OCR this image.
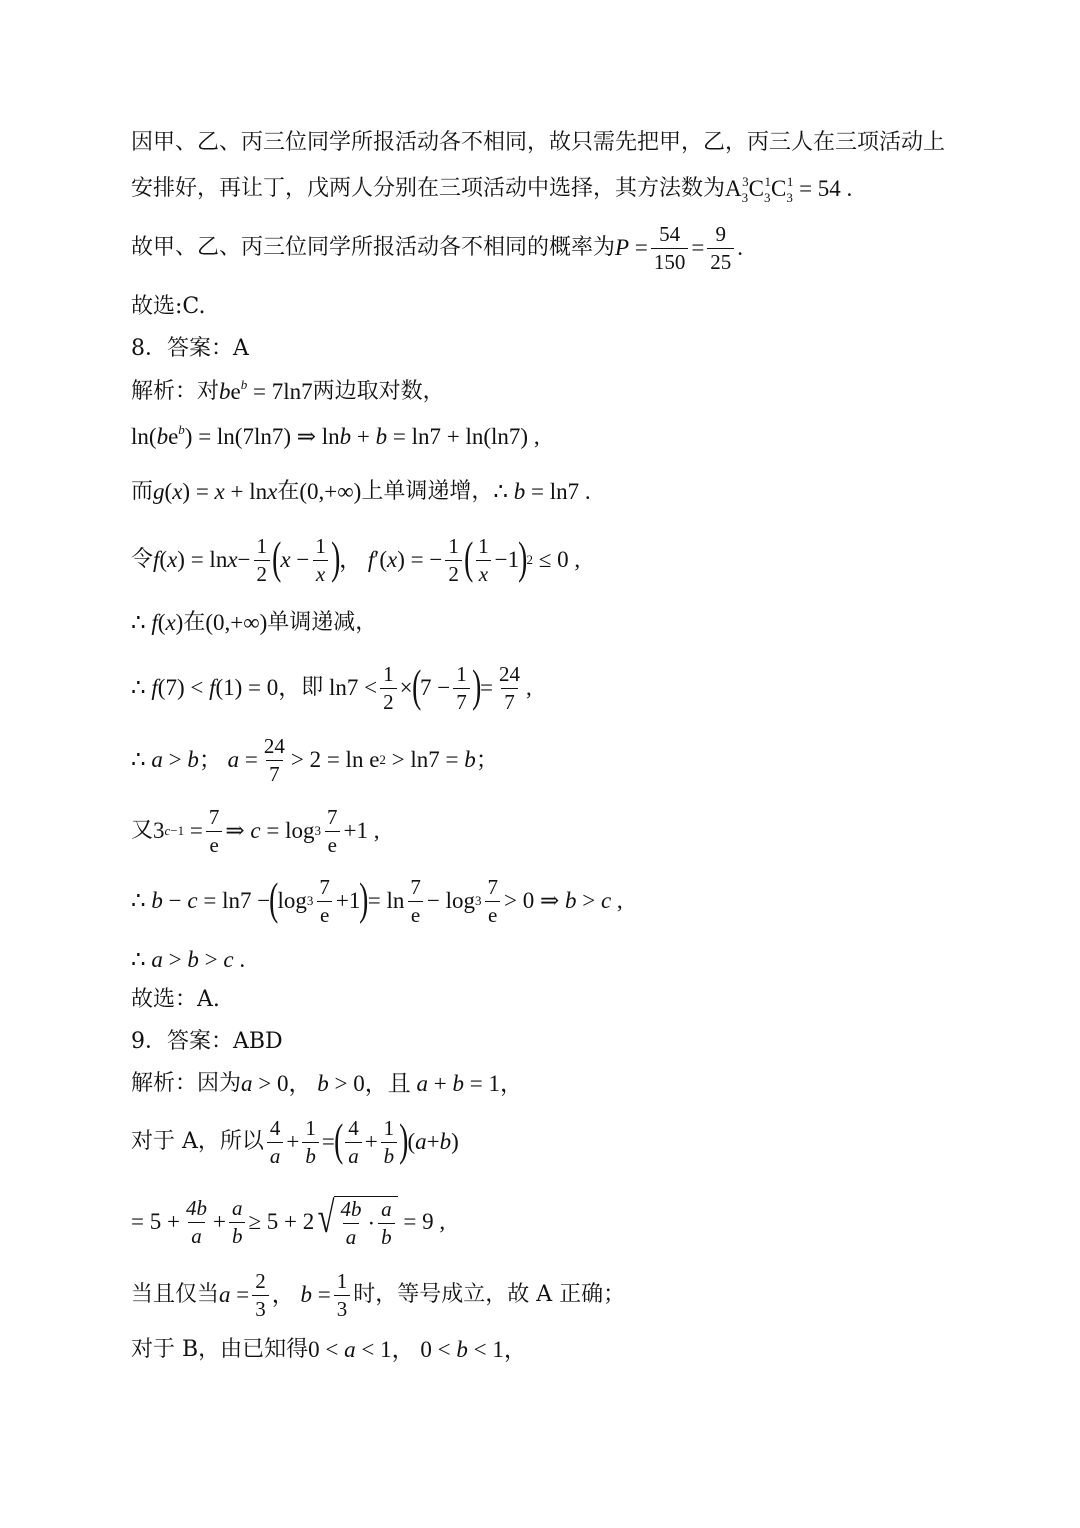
因甲、乙、丙三位同学所报活动各不相同，故只需先把甲，乙，丙三人在三项活动上
安排好，再让丁，戊两人分别在三项活动中选择，其方法数为 $A_3^3C_3^1C_3^1 = 54$ .
故甲、乙、丙三位同学所报活动各不相同的概率为 $P = \frac{54}{150} = \frac{9}{25}$ .
故选:C.
8．答案：A
解析：对 $be^b = 7\ln 7$ 两边取对数，
$\ln(be^b) = \ln(7\ln 7)$ ⇒ lnb + b = ln7 + ln(ln7) ,
而 g(x) = x + lnx 在 (0,+∞) 上单调递增， ∴ b = ln7 .
令 f ( x ) = $\ln x - \frac{1}{2}$ ( $x - \frac{1}{x}$ ) ， f ′( x ) = − $\frac{1}{2}$ ( $\frac{1}{x} -1$ ) 2 ≤ 0 ,
∴ f(x) 在 (0,+∞) 单调递减，
∴ f(7) < f(1) = 0， 即 $\ln 7 < \frac{1}{2}$ × ( $7 - \frac{1}{7}$ ) = $\frac{24}{7}$ ,
∴ a > b ； $a = \frac{24}{7} > 2 = \ln e$ 2 > ln7 = b ；
又 3 $c-1 = \frac{7}{e}$ ⇒ $c = \log 3 \frac{7}{e} +1$ ,
∴ b − c = ln7 − ( $\log 3 \frac{7}{e} +1$ ) = $\ln \frac{7}{e} - \log 3 \frac{7}{e} > 0$ ⇒ b > c ,
∴ a > b > c .
故选：A.
9．答案：ABD
解析：因为 a > 0， b > 0，且 a + b = 1，
对于 A，所以 $\frac{4}{a} + \frac{1}{b}$ = ( $\frac{4}{a} + \frac{1}{b}$ ) ( a + b )
= $5 + \frac{4b}{a} + \frac{a}{b} \ge 5 + 2$ √ $\frac{4b}{a} \cdot \frac{a}{b} = 9$ ,
当且仅当 $a = \frac{2}{3}$ ， $b = \frac{1}{3}$ 时，等号成立，故 A 正确；
对于 B，由已知得 0 < a < 1， 0 < b < 1，
